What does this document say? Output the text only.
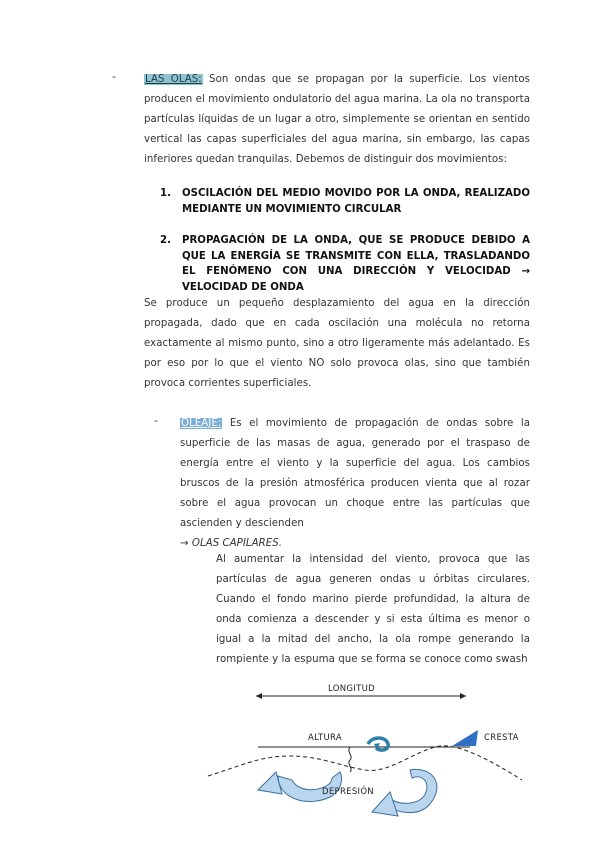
-	LAS OLAS: Son ondas que se propagan por la superficie. Los vientos producen el movimiento ondulatorio del agua marina. La ola no transporta partículas líquidas de un lugar a otro, simplemente se orientan en sentido vertical las capas superficiales del agua marina, sin embargo, las capas inferiores quedan tranquilas. Debemos de distinguir dos movimientos:

1. OSCILACIÓN DEL MEDIO MOVIDO POR LA ONDA, REALIZADO MEDIANTE UN MOVIMIENTO CIRCULAR
2. PROPAGACIÓN DE LA ONDA, QUE SE PRODUCE DEBIDO A QUE LA ENERGÍA SE TRANSMITE CON ELLA, TRASLADANDO EL FENÓMENO CON UNA DIRECCIÓN Y VELOCIDAD → VELOCIDAD DE ONDA

Se produce un pequeño desplazamiento del agua en la dirección propagada, dado que en cada oscilación una molécula no retorna exactamente al mismo punto, sino a otro ligeramente más adelantado. Es por eso por lo que el viento NO solo provoca olas, sino que también provoca corrientes superficiales.

-	OLEAJE: Es el movimiento de propagación de ondas sobre la superficie de las masas de agua, generado por el traspaso de energía entre el viento y la superficie del agua. Los cambios bruscos de la presión atmosférica producen vienta que al rozar sobre el agua provocan un choque entre las partículas que ascienden y descienden
→ OLAS CAPILARES.

Al aumentar la intensidad del viento, provoca que las partículas de agua generen ondas u órbitas circulares. Cuando el fondo marino pierde profundidad, la altura de onda comienza a descender y si esta última es menor o igual a la mitad del ancho, la ola rompe generando la rompiente y la espuma que se forma se conoce como swash

LONGITUD
ALTURA	CRESTA
DEPRESIÓN
